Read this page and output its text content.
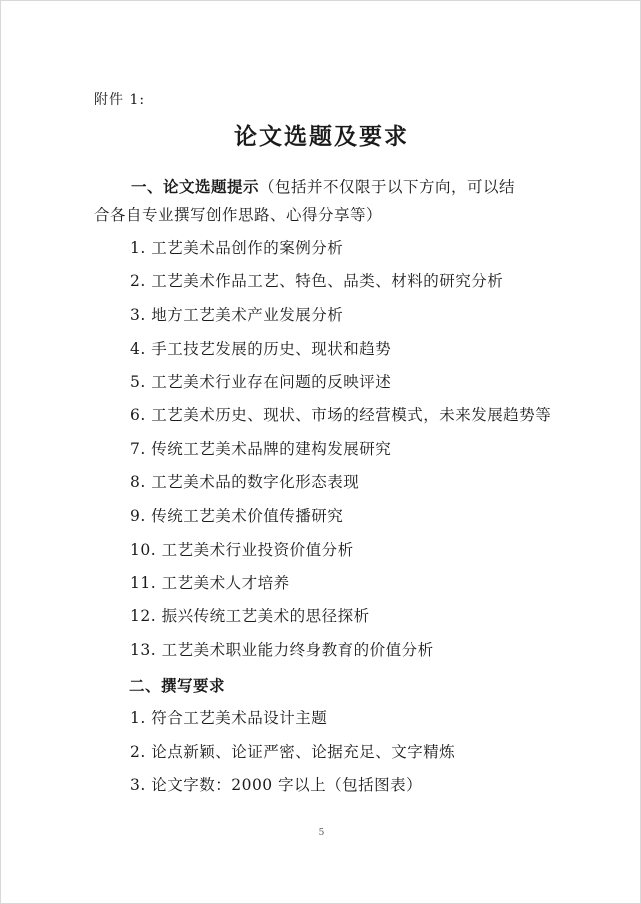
附件 1:
论文选题及要求
一、论文选题提示（包括并不仅限于以下方向，可以结
合各自专业撰写创作思路、心得分享等）
1. 工艺美术品创作的案例分析
2. 工艺美术作品工艺、特色、品类、材料的研究分析
3. 地方工艺美术产业发展分析
4. 手工技艺发展的历史、现状和趋势
5. 工艺美术行业存在问题的反映评述
6. 工艺美术历史、现状、市场的经营模式，未来发展趋势等
7. 传统工艺美术品牌的建构发展研究
8. 工艺美术品的数字化形态表现
9. 传统工艺美术价值传播研究
10. 工艺美术行业投资价值分析
11. 工艺美术人才培养
12. 振兴传统工艺美术的思径探析
13. 工艺美术职业能力终身教育的价值分析
二、撰写要求
1. 符合工艺美术品设计主题
2. 论点新颖、论证严密、论据充足、文字精炼
3. 论文字数：2000 字以上（包括图表）
5
